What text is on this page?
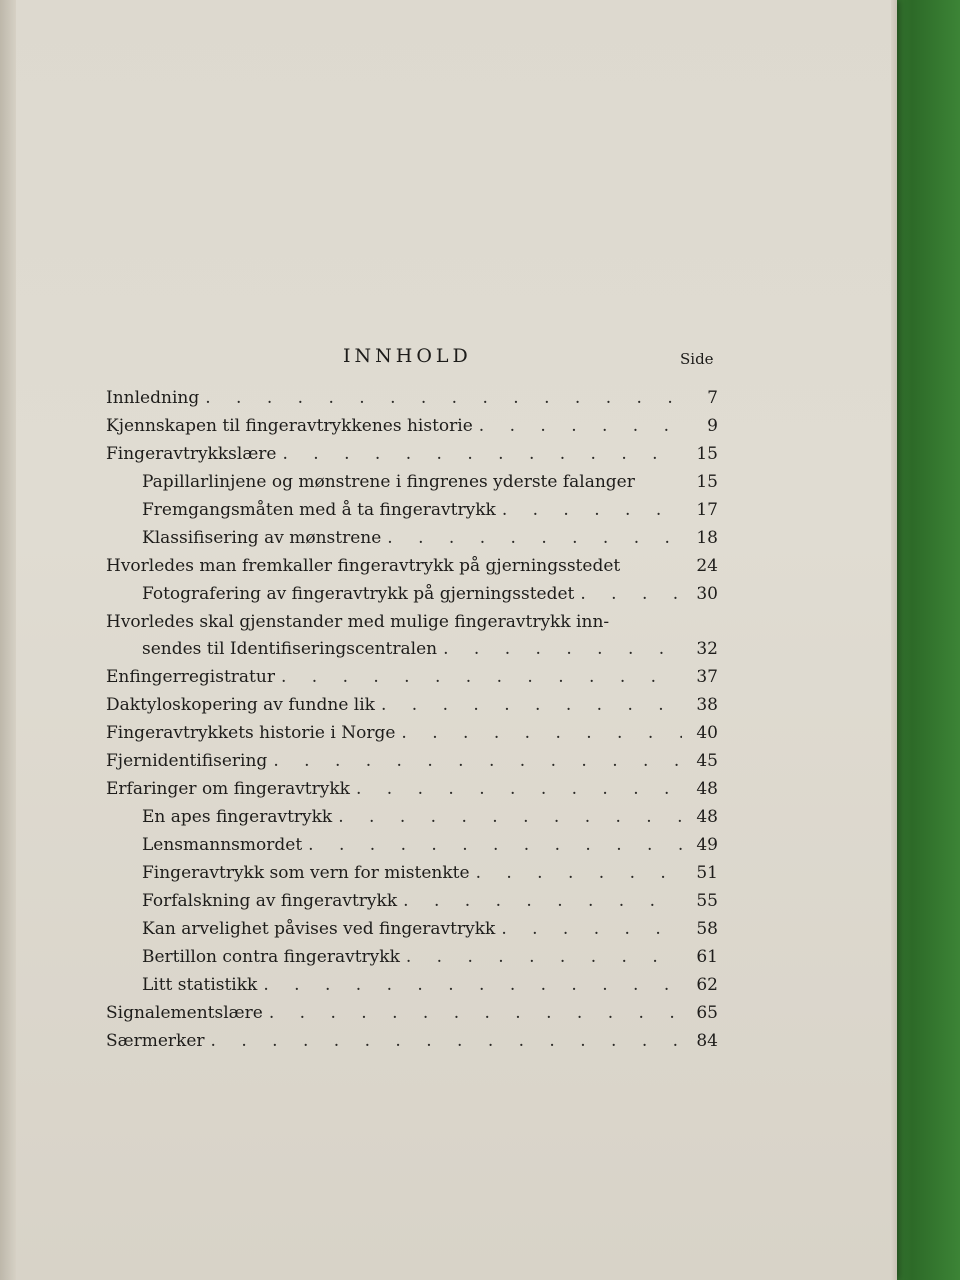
INNHOLD	Side
Innledning . . .	7
Kjennskapen til fingeravtrykkenes historie . . .	9
Fingeravtrykkslære . . .	15
Papillarlinjene og mønstrene i fingrenes yderste falanger	15
Fremgangsmåten med å ta fingeravtrykk . . .	17
Klassifisering av mønstrene . . .	18
Hvorledes man fremkaller fingeravtrykk på gjerningsstedet	24
Fotografering av fingeravtrykk på gjerningsstedet . . .	30
Hvorledes skal gjenstander med mulige fingeravtrykk inn-
sendes til Identifiseringscentralen . . .	32
Enfingerregistratur . . .	37
Daktyloskopering av fundne lik . . .	38
Fingeravtrykkets historie i Norge . . .	40
Fjernidentifisering . . .	45
Erfaringer om fingeravtrykk . . .	48
En apes fingeravtrykk . . .	48
Lensmannsmordet . . .	49
Fingeravtrykk som vern for mistenkte . . .	51
Forfalskning av fingeravtrykk . . .	55
Kan arvelighet påvises ved fingeravtrykk . . .	58
Bertillon contra fingeravtrykk . . .	61
Litt statistikk . . .	62
Signalementslære . . .	65
Særmerker . . .	84
